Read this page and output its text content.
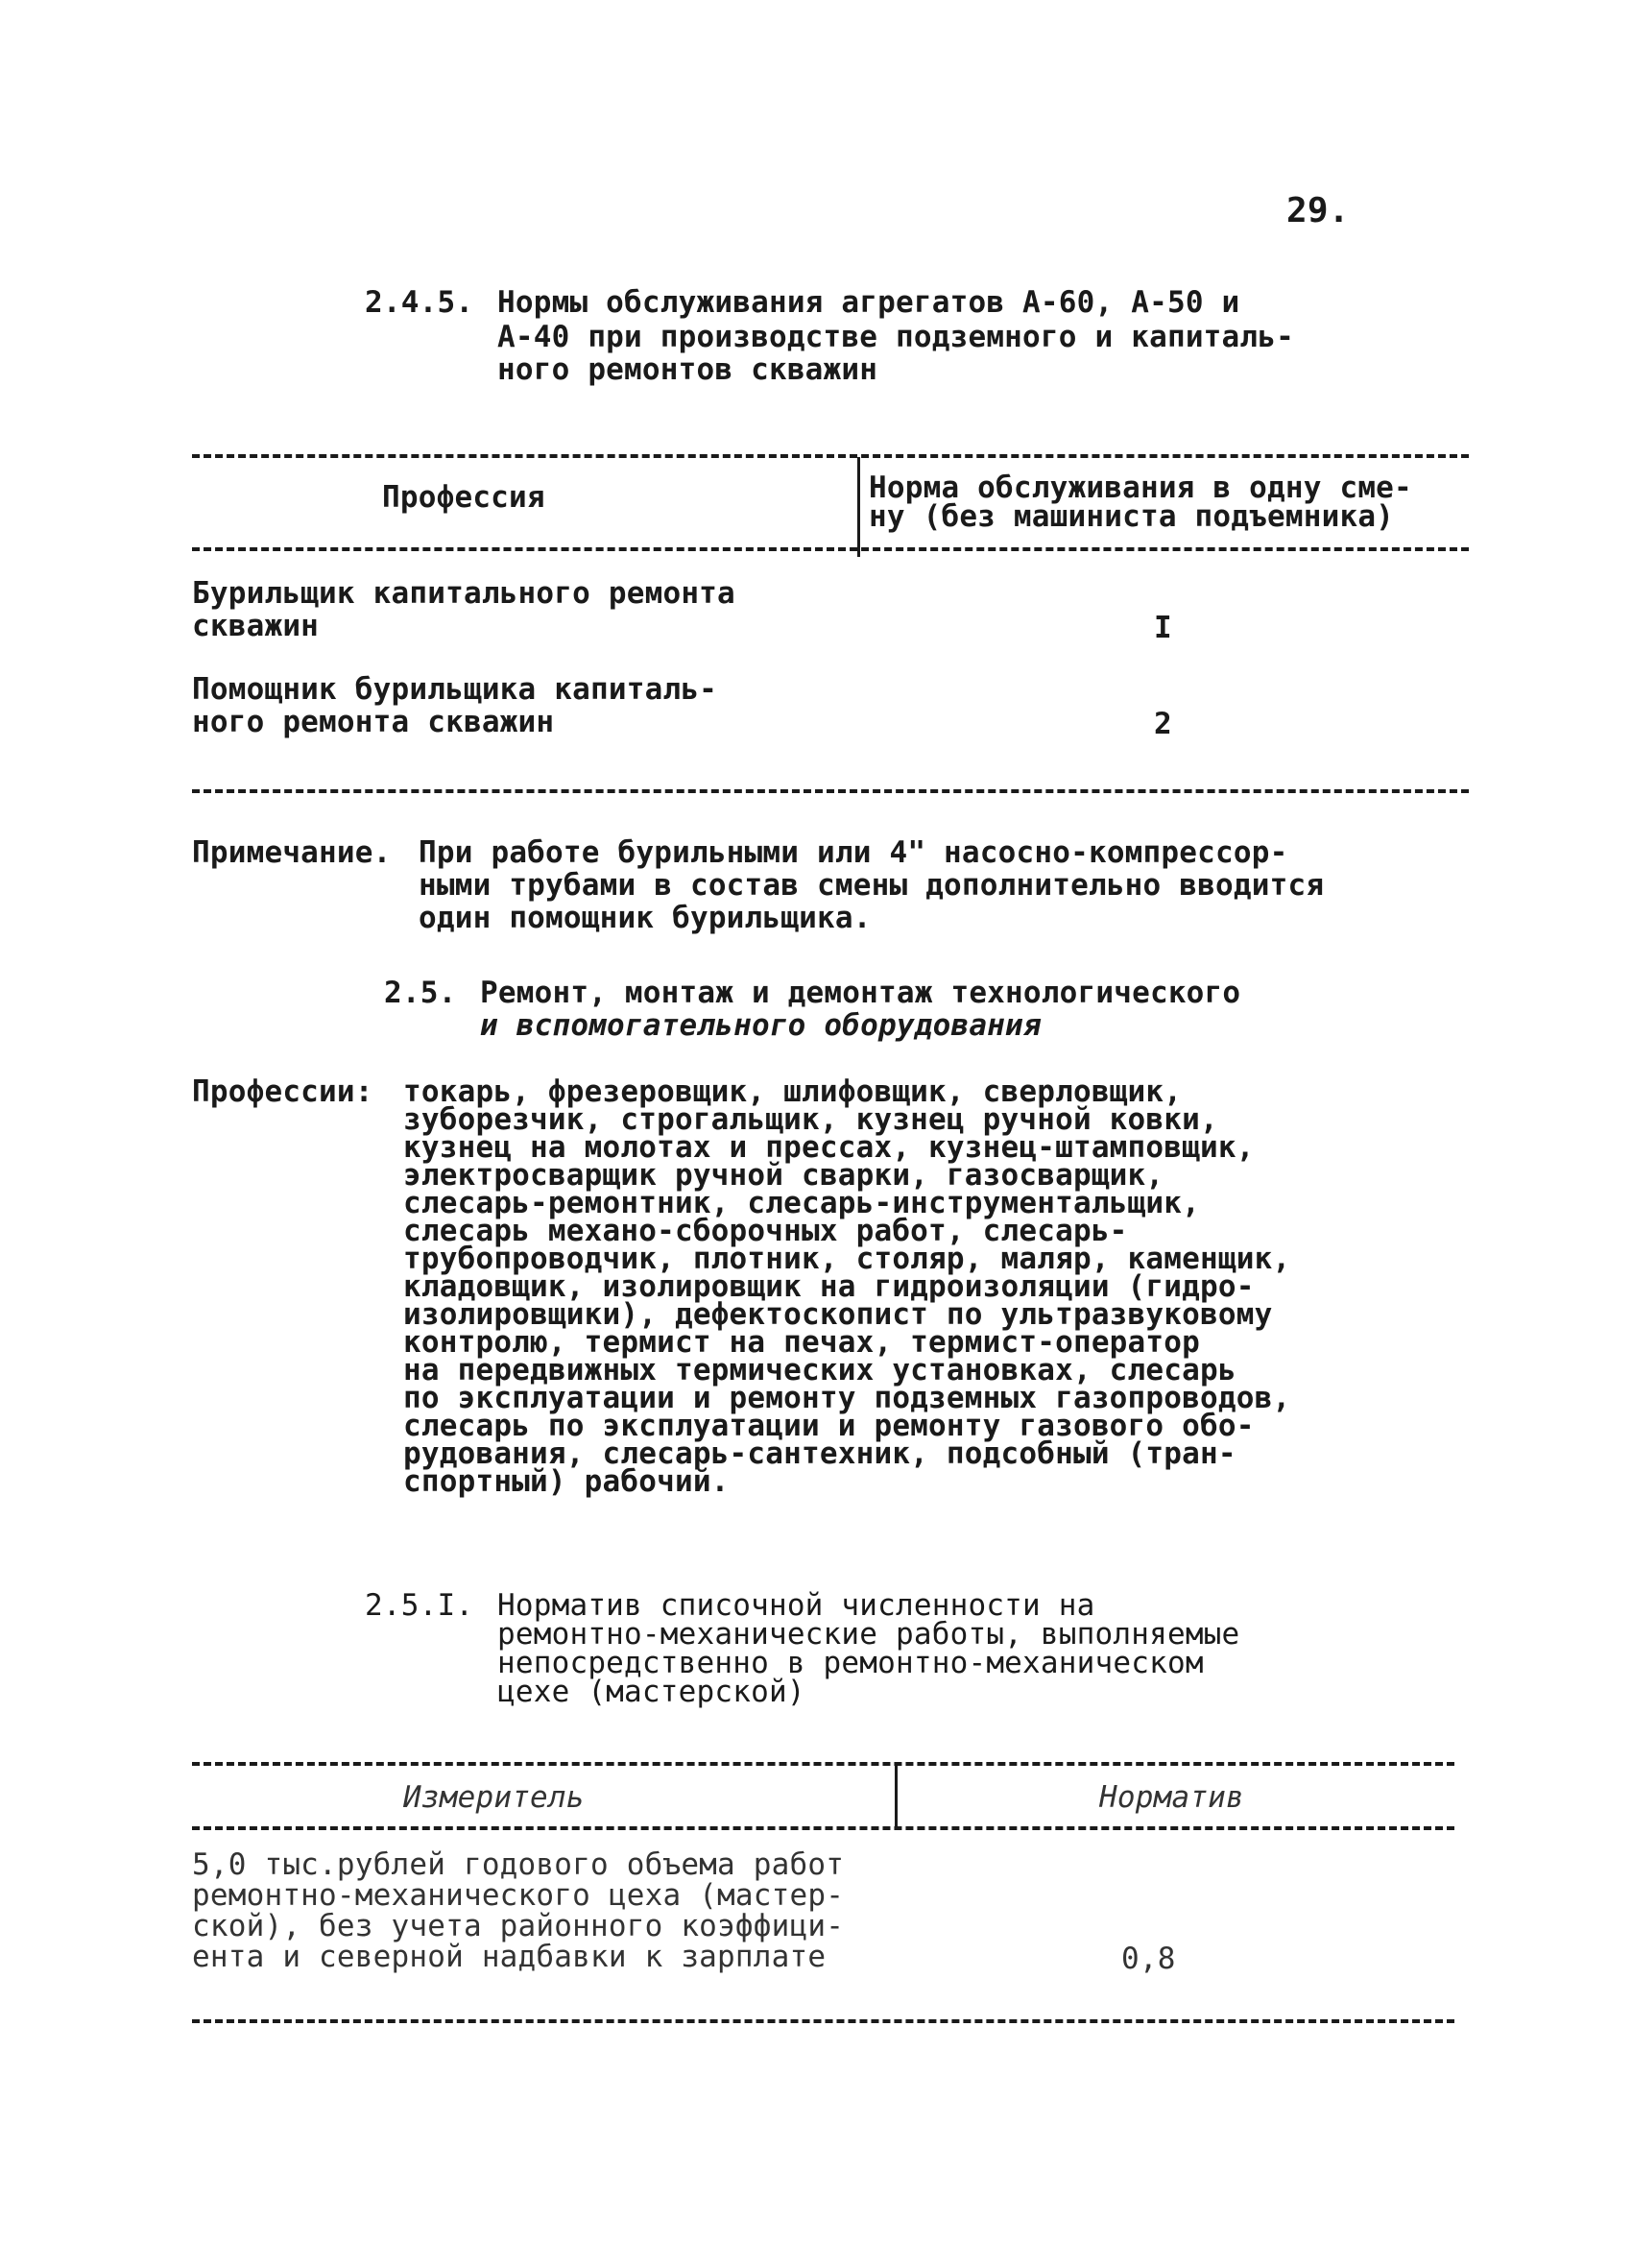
29.
2.4.5. Нормы обслуживания агрегатов А-60, А-50 и
А-40 при производстве подземного и капиталь-
ного ремонтов скважин
Профессия	Норма обслуживания в одну сме-
ну (без машиниста подъемника)
Бурильщик капитального ремонта
скважин	I
Помощник бурильщика капиталь-
ного ремонта скважин	2
Примечание. При работе бурильными или 4" насосно-компрессор-
ными трубами в состав смены дополнительно вводится
один помощник бурильщика.
2.5. Ремонт, монтаж и демонтаж технологического
и вспомогательного оборудования
Профессии: токарь, фрезеровщик, шлифовщик, сверловщик,
зуборезчик, строгальщик, кузнец ручной ковки,
кузнец на молотах и прессах, кузнец-штамповщик,
электросварщик ручной сварки, газосварщик,
слесарь-ремонтник, слесарь-инструментальщик,
слесарь механо-сборочных работ, слесарь-
трубопроводчик, плотник, столяр, маляр, каменщик,
кладовщик, изолировщик на гидроизоляции (гидро-
изолировщики), дефектоскопист по ультразвуковому
контролю, термист на печах, термист-оператор
на передвижных термических установках, слесарь
по эксплуатации и ремонту подземных газопроводов,
слесарь по эксплуатации и ремонту газового обо-
рудования, слесарь-сантехник, подсобный (тран-
спортный) рабочий.
2.5.I. Норматив списочной численности на
ремонтно-механические работы, выполняемые
непосредственно в ремонтно-механическом
цехе (мастерской)
Измеритель	Норматив
5,0 тыс.рублей годового объема работ
ремонтно-механического цеха (мастер-
ской), без учета районного коэффици-
ента и северной надбавки к зарплате	0,8
